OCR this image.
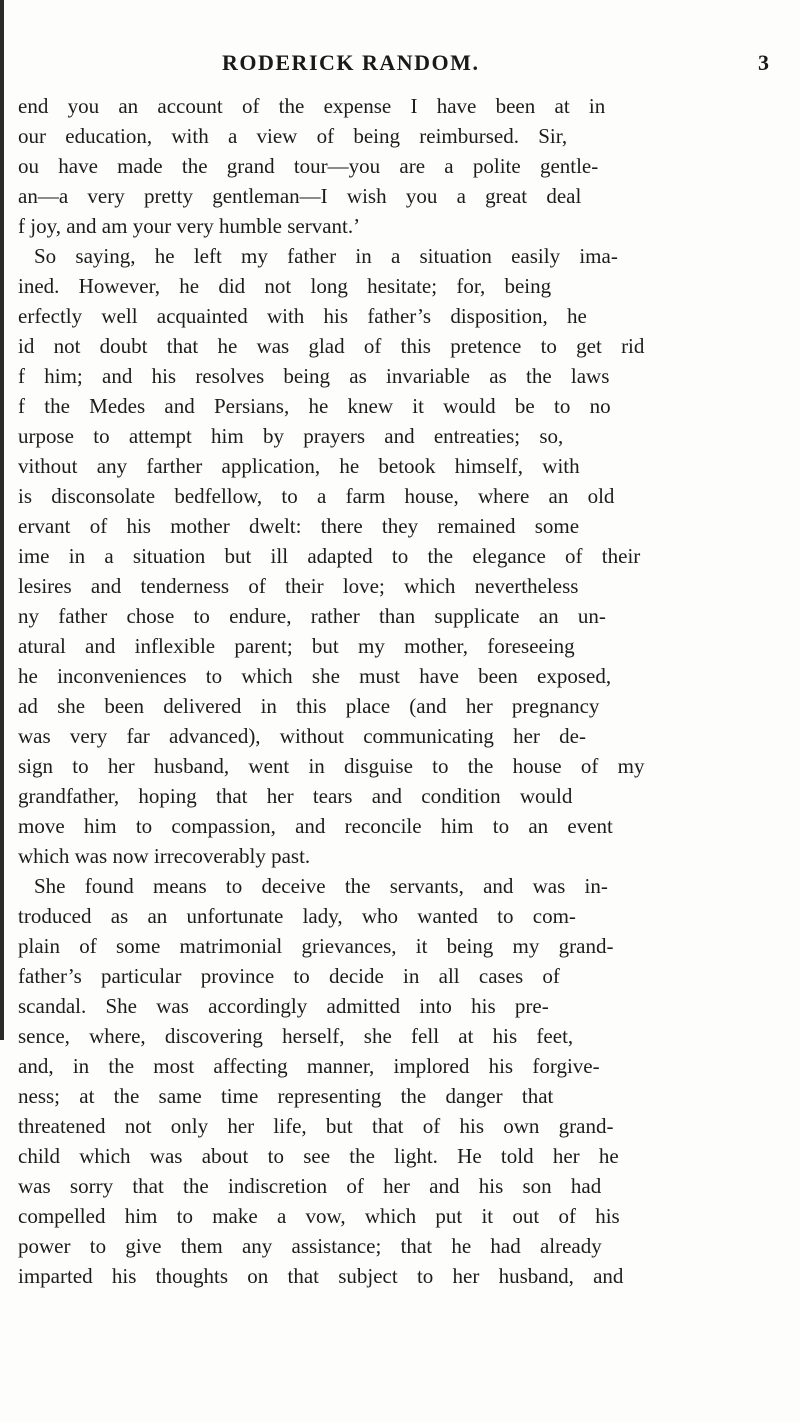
RODERICK RANDOM.	3
end you an account of the expense I have been at in
our education, with a view of being reimbursed. Sir,
ou have made the grand tour—you are a polite gentle-
an—a very pretty gentleman—I wish you a great deal
f joy, and am your very humble servant.’
So saying, he left my father in a situation easily ima-
ined. However, he did not long hesitate; for, being
erfectly well acquainted with his father’s disposition, he
id not doubt that he was glad of this pretence to get rid
f him; and his resolves being as invariable as the laws
f the Medes and Persians, he knew it would be to no
urpose to attempt him by prayers and entreaties; so,
vithout any farther application, he betook himself, with
is disconsolate bedfellow, to a farm house, where an old
ervant of his mother dwelt: there they remained some
ime in a situation but ill adapted to the elegance of their
lesires and tenderness of their love; which nevertheless
ny father chose to endure, rather than supplicate an un-
atural and inflexible parent; but my mother, foreseeing
he inconveniences to which she must have been exposed,
ad she been delivered in this place (and her pregnancy
was very far advanced), without communicating her de-
sign to her husband, went in disguise to the house of my
grandfather, hoping that her tears and condition would
move him to compassion, and reconcile him to an event
which was now irrecoverably past.
She found means to deceive the servants, and was in-
troduced as an unfortunate lady, who wanted to com-
plain of some matrimonial grievances, it being my grand-
father’s particular province to decide in all cases of
scandal. She was accordingly admitted into his pre-
sence, where, discovering herself, she fell at his feet,
and, in the most affecting manner, implored his forgive-
ness; at the same time representing the danger that
threatened not only her life, but that of his own grand-
child which was about to see the light. He told her he
was sorry that the indiscretion of her and his son had
compelled him to make a vow, which put it out of his
power to give them any assistance; that he had already
imparted his thoughts on that subject to her husband, and
